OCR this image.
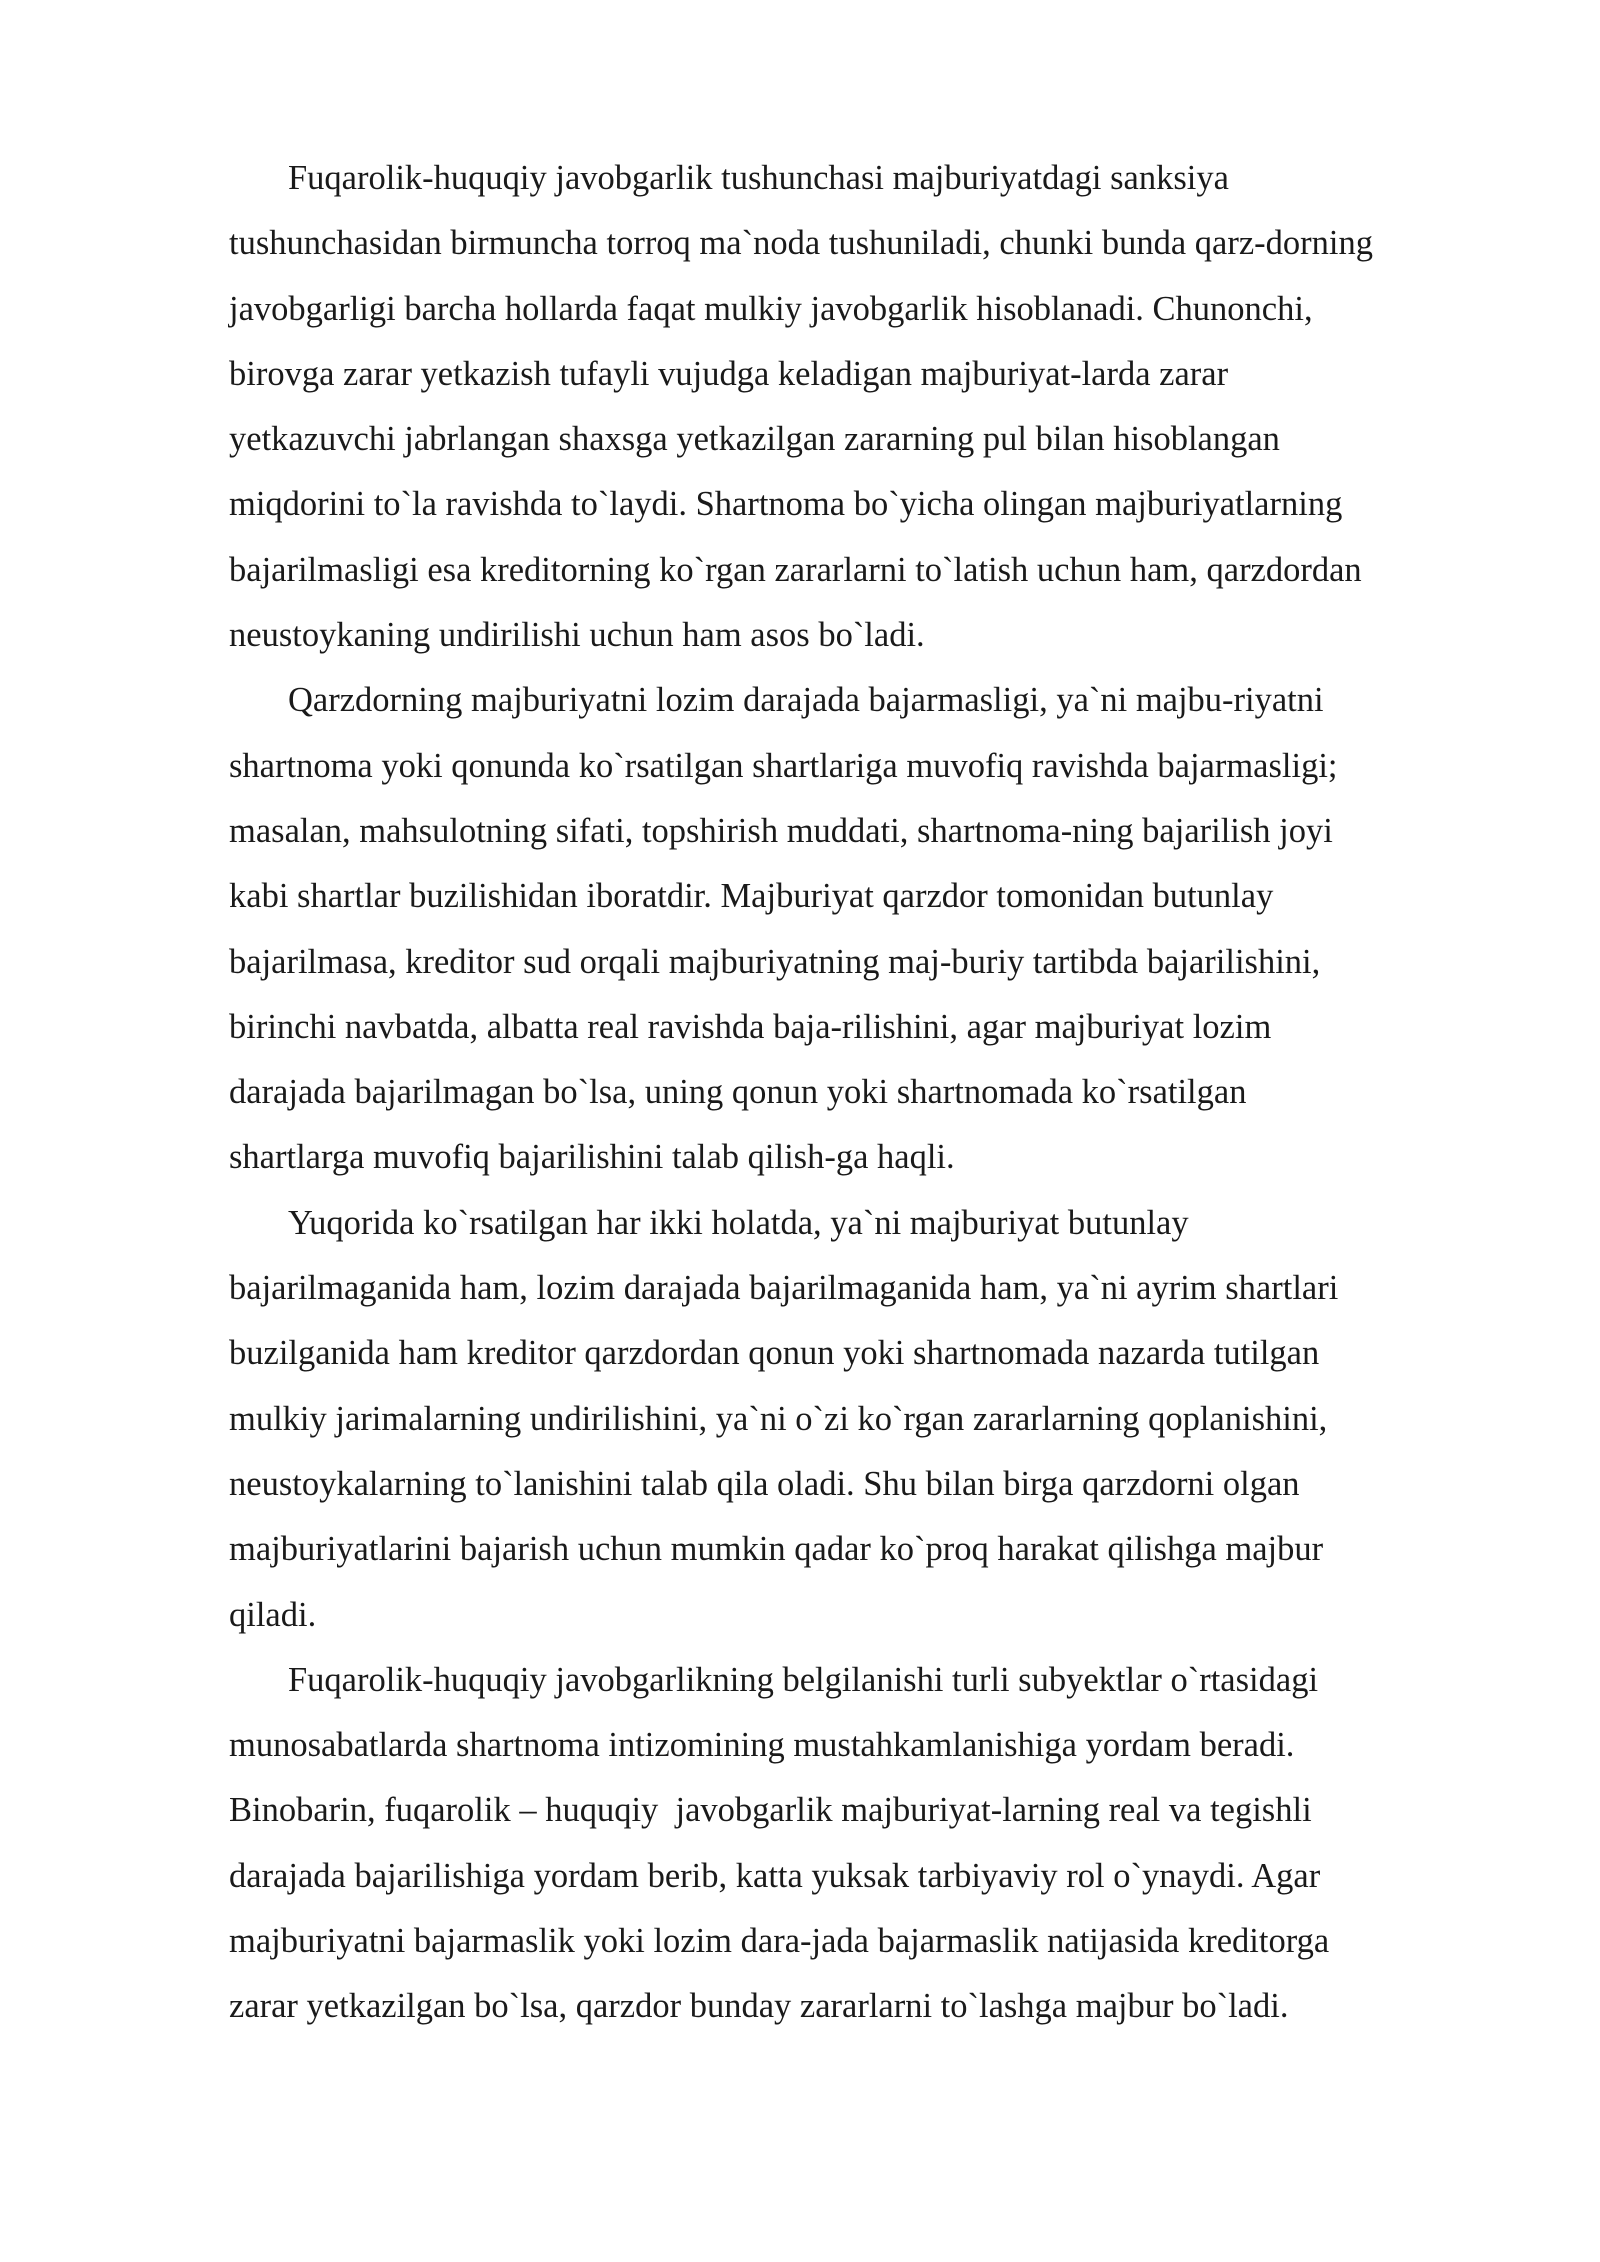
Fuqarolik-huquqiy javobgarlik tushunchasi majburiyatdagi sanksiya
tushunchasidan birmuncha torroq ma`noda tushuniladi, chunki bunda qarz-dorning
javobgarligi barcha hollarda faqat mulkiy javobgarlik hisoblanadi. Chunonchi,
birovga zarar yetkazish tufayli vujudga keladigan majburiyat-larda zarar
yetkazuvchi jabrlangan shaxsga yetkazilgan zararning pul bilan hisoblangan
miqdorini to`la ravishda to`laydi. Shartnoma bo`yicha olingan majburiyatlarning
bajarilmasligi esa kreditorning ko`rgan zararlarni to`latish uchun ham, qarzdordan
neustoykaning undirilishi uchun ham asos bo`ladi.
Qarzdorning majburiyatni lozim darajada bajarmasligi, ya`ni majbu-riyatni
shartnoma yoki qonunda ko`rsatilgan shartlariga muvofiq ravishda bajarmasligi;
masalan, mahsulotning sifati, topshirish muddati, shartnoma-ning bajarilish joyi
kabi shartlar buzilishidan iboratdir. Majburiyat qarzdor tomonidan butunlay
bajarilmasa, kreditor sud orqali majburiyatning maj-buriy tartibda bajarilishini,
birinchi navbatda, albatta real ravishda baja-rilishini, agar majburiyat lozim
darajada bajarilmagan bo`lsa, uning qonun yoki shartnomada ko`rsatilgan
shartlarga muvofiq bajarilishini talab qilish-ga haqli.
Yuqorida ko`rsatilgan har ikki holatda, ya`ni majburiyat butunlay
bajarilmaganida ham, lozim darajada bajarilmaganida ham, ya`ni ayrim shartlari
buzilganida ham kreditor qarzdordan qonun yoki shartnomada nazarda tutilgan
mulkiy jarimalarning undirilishini, ya`ni o`zi ko`rgan zararlarning qoplanishini,
neustoykalarning to`lanishini talab qila oladi. Shu bilan birga qarzdorni olgan
majburiyatlarini bajarish uchun mumkin qadar ko`proq harakat qilishga majbur
qiladi.
Fuqarolik-huquqiy javobgarlikning belgilanishi turli subyektlar o`rtasidagi
munosabatlarda shartnoma intizomining mustahkamlanishiga yordam beradi.
Binobarin, fuqarolik – huquqiy  javobgarlik majburiyat-larning real va tegishli
darajada bajarilishiga yordam berib, katta yuksak tarbiyaviy rol o`ynaydi. Agar
majburiyatni bajarmaslik yoki lozim dara-jada bajarmaslik natijasida kreditorga
zarar yetkazilgan bo`lsa, qarzdor bunday zararlarni to`lashga majbur bo`ladi.
